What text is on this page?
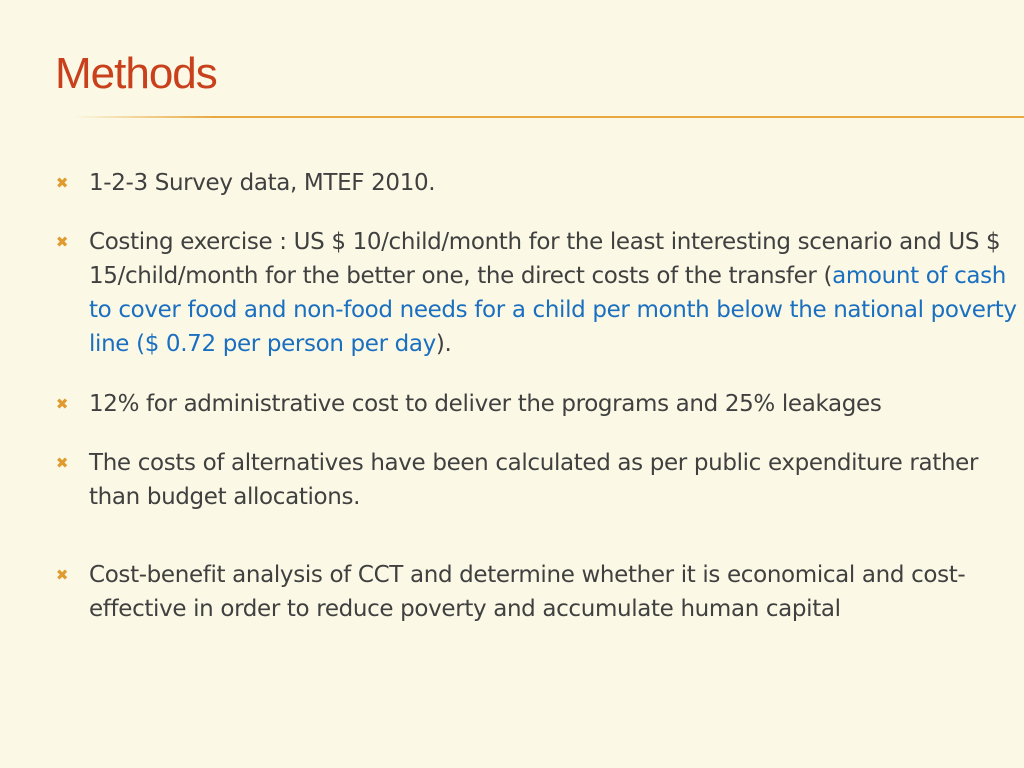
Methods
✖ 1-2-3 Survey data, MTEF 2010.
✖ Costing exercise : US $ 10/child/month for the least interesting scenario and US $ 15/child/month for the better one, the direct costs of the transfer (amount of cash to cover food and non-food needs for a child per month below the national poverty line ($ 0.72 per person per day).
✖ 12% for administrative cost to deliver the programs and 25% leakages
✖ The costs of alternatives have been calculated as per public expenditure rather than budget allocations.
✖ Cost-benefit analysis of CCT and determine whether it is economical and cost-effective in order to reduce poverty and accumulate human capital
